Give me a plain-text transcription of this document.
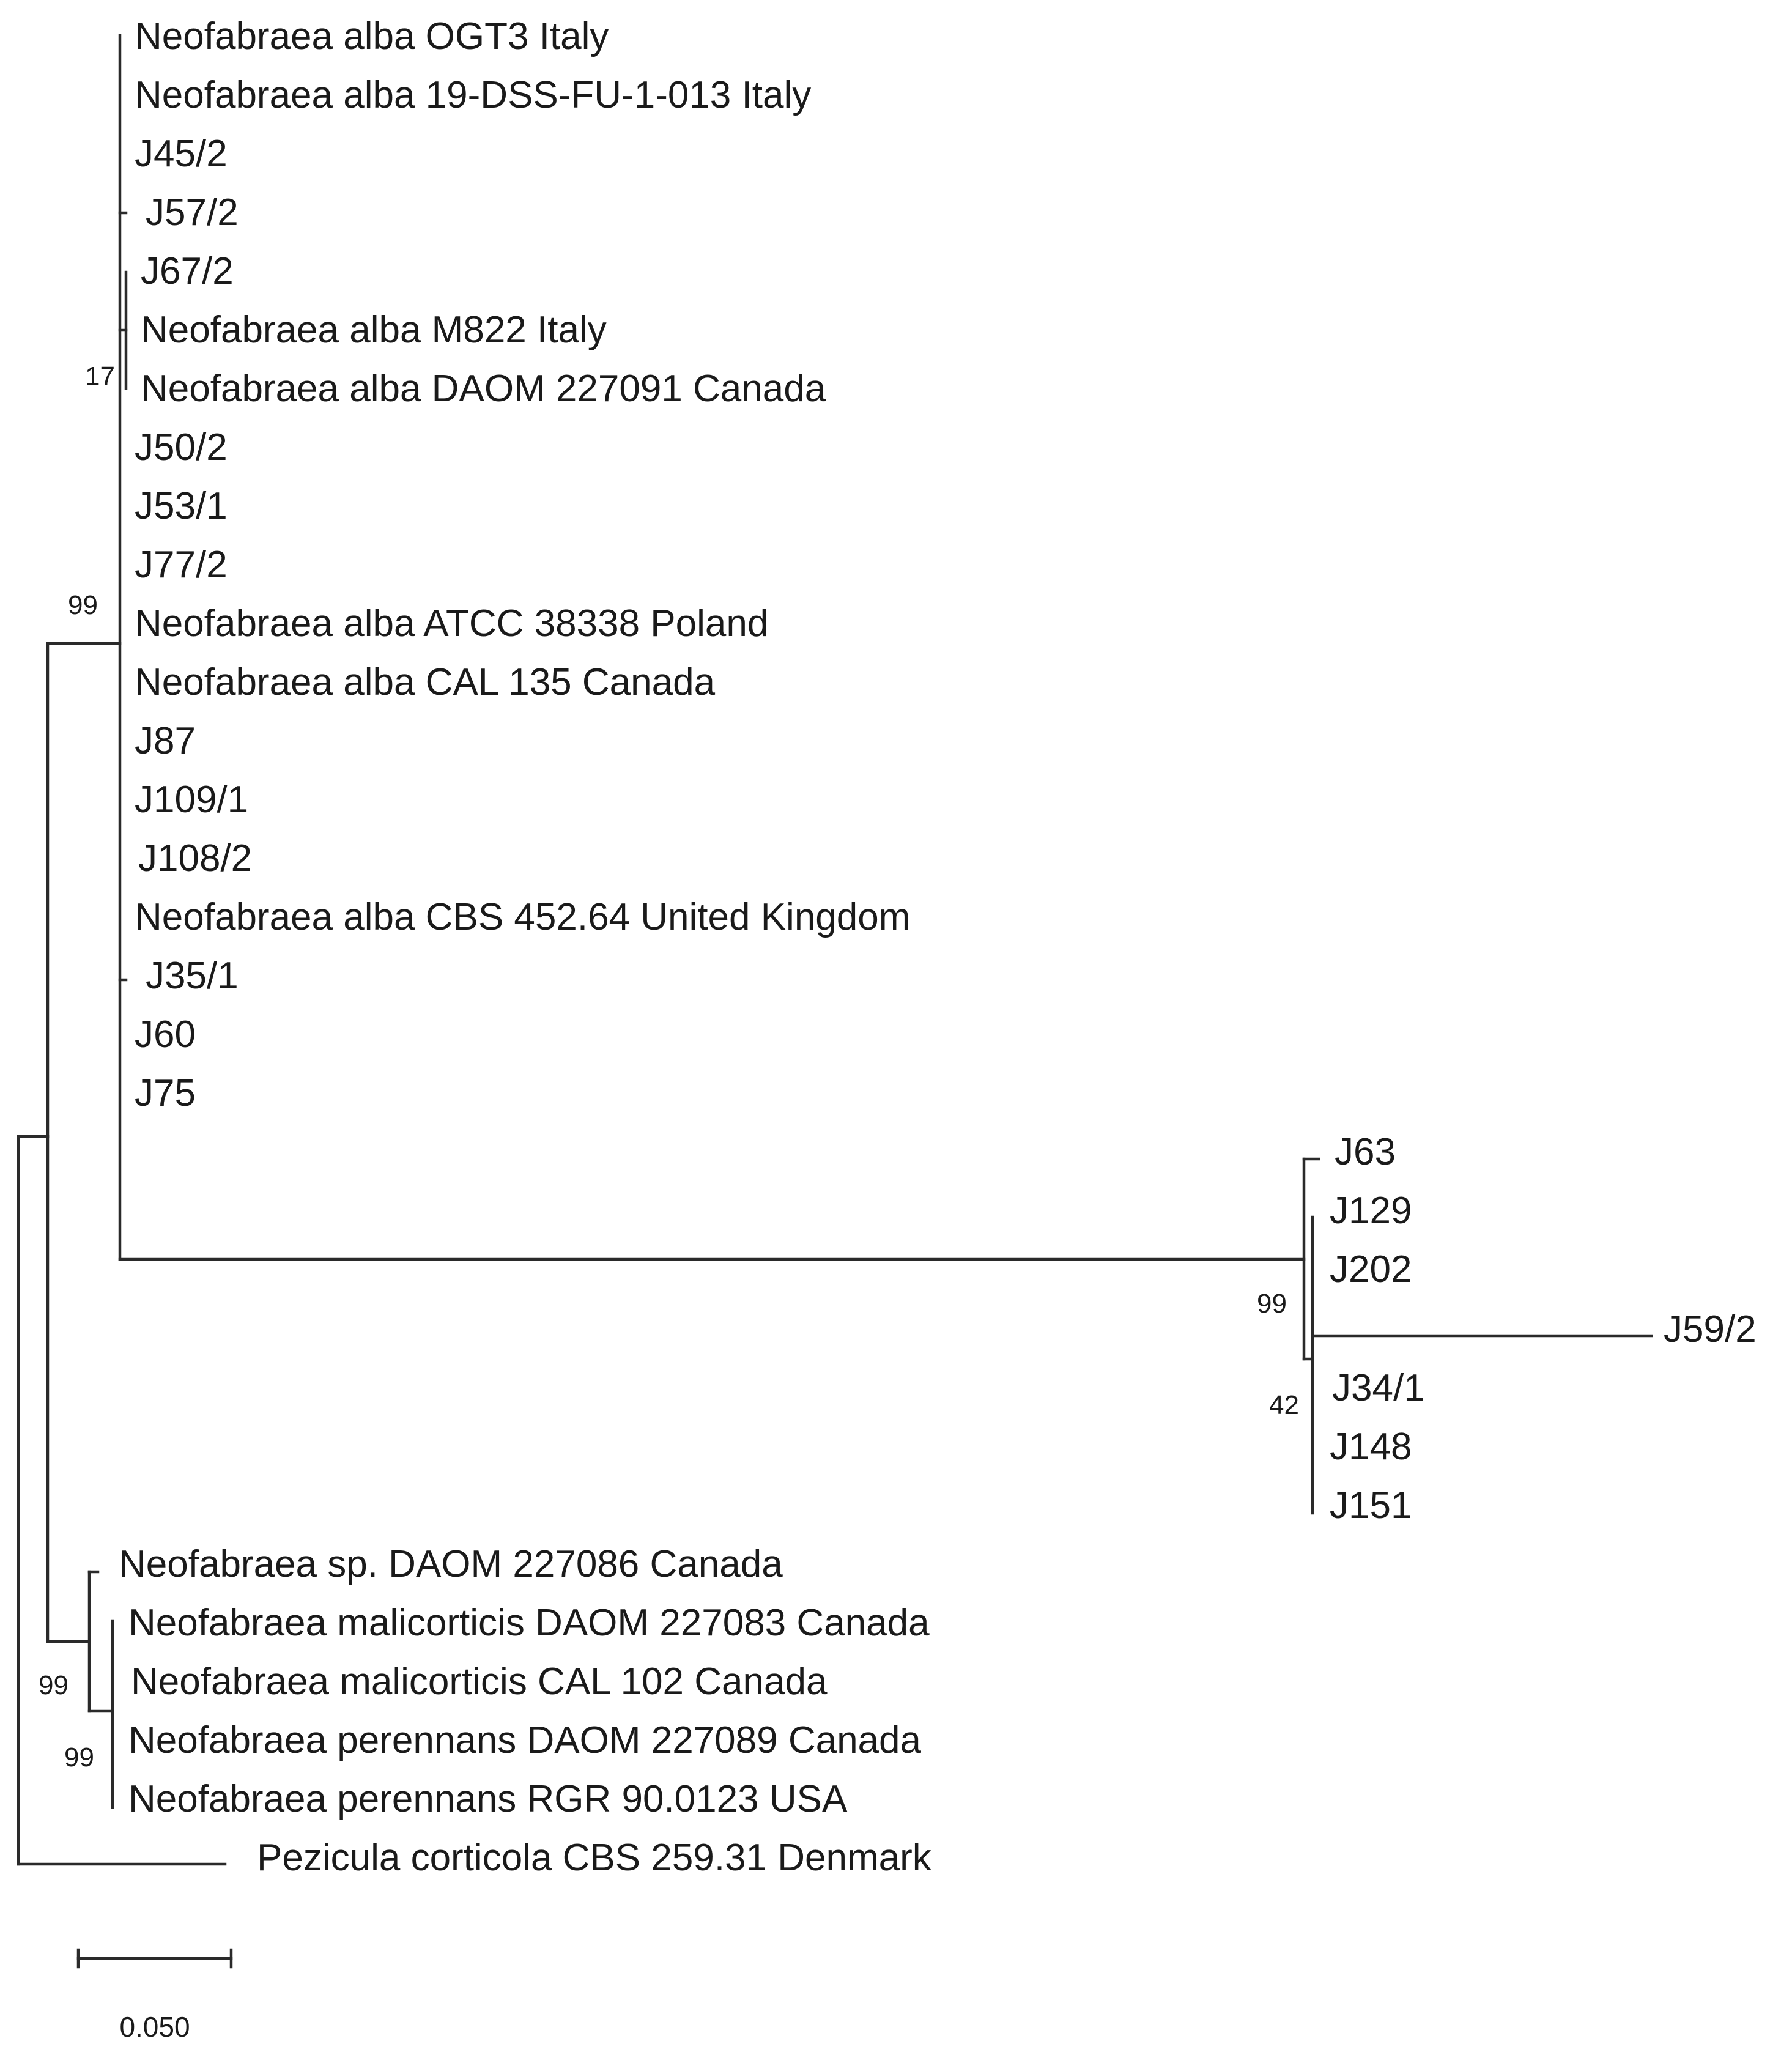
17
99
99
42
99
99
Neofabraea alba OGT3 Italy
Neofabraea alba 19-DSS-FU-1-013 Italy
J45/2
J57/2
J67/2
Neofabraea alba M822 Italy
Neofabraea alba DAOM 227091 Canada
J50/2
J53/1
J77/2
Neofabraea alba ATCC 38338 Poland
Neofabraea alba CAL 135 Canada
J87
J109/1
J108/2
Neofabraea alba CBS 452.64 United Kingdom
J35/1
J60
J75
J63
J129
J202
J59/2
J34/1
J148
J151
Neofabraea sp. DAOM 227086 Canada
Neofabraea malicorticis DAOM 227083 Canada
Neofabraea malicorticis CAL 102 Canada
Neofabraea perennans DAOM 227089 Canada
Neofabraea perennans RGR 90.0123 USA
Pezicula corticola CBS 259.31 Denmark
0.050
